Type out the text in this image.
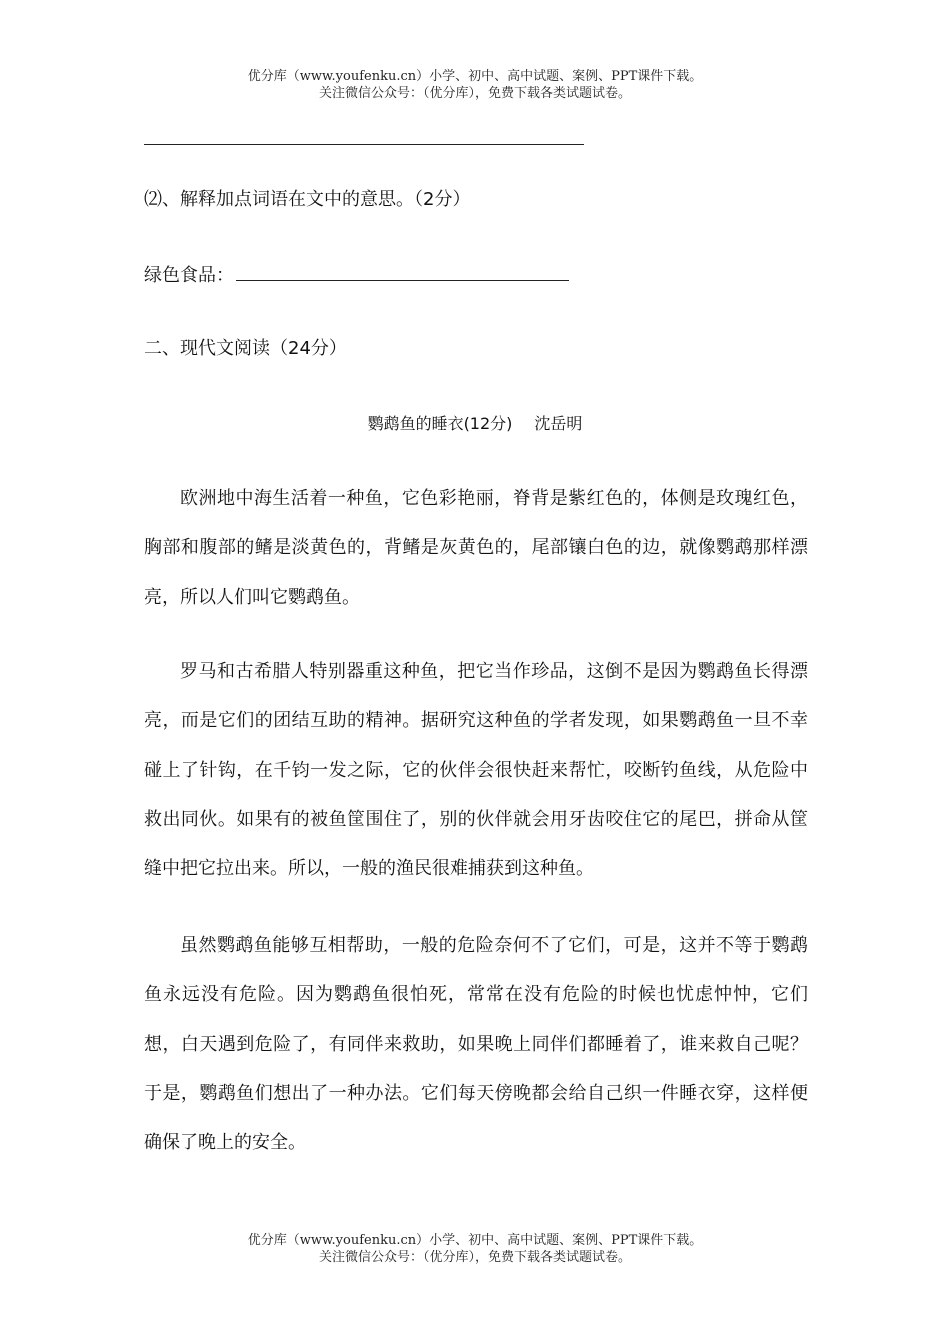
优分库（www.youfenku.cn）小学、初中、高中试题、案例、PPT课件下载。
关注微信公众号：（优分库），免费下载各类试题试卷。
⑵、解释加点词语在文中的意思。（2分）
绿色食品：
二、现代文阅读（24分）
鹦鹉鱼的睡衣(12分) 沈岳明

欧洲地中海生活着一种鱼，它色彩艳丽，脊背是紫红色的，体侧是玫瑰红色，胸部和腹部的鳍是淡黄色的，背鳍是灰黄色的，尾部镶白色的边，就像鹦鹉那样漂亮，所以人们叫它鹦鹉鱼。

罗马和古希腊人特别器重这种鱼，把它当作珍品，这倒不是因为鹦鹉鱼长得漂亮，而是它们的团结互助的精神。据研究这种鱼的学者发现，如果鹦鹉鱼一旦不幸碰上了针钩，在千钧一发之际，它的伙伴会很快赶来帮忙，咬断钓鱼线，从危险中救出同伙。如果有的被鱼筐围住了，别的伙伴就会用牙齿咬住它的尾巴，拼命从筐缝中把它拉出来。所以，一般的渔民很难捕获到这种鱼。

虽然鹦鹉鱼能够互相帮助，一般的危险奈何不了它们，可是，这并不等于鹦鹉鱼永远没有危险。因为鹦鹉鱼很怕死，常常在没有危险的时候也忧虑忡忡，它们想，白天遇到危险了，有同伴来救助，如果晚上同伴们都睡着了，谁来救自己呢？于是，鹦鹉鱼们想出了一种办法。它们每天傍晚都会给自己织一件睡衣穿，这样便确保了晚上的安全。

优分库（www.youfenku.cn）小学、初中、高中试题、案例、PPT课件下载。
关注微信公众号：（优分库），免费下载各类试题试卷。
